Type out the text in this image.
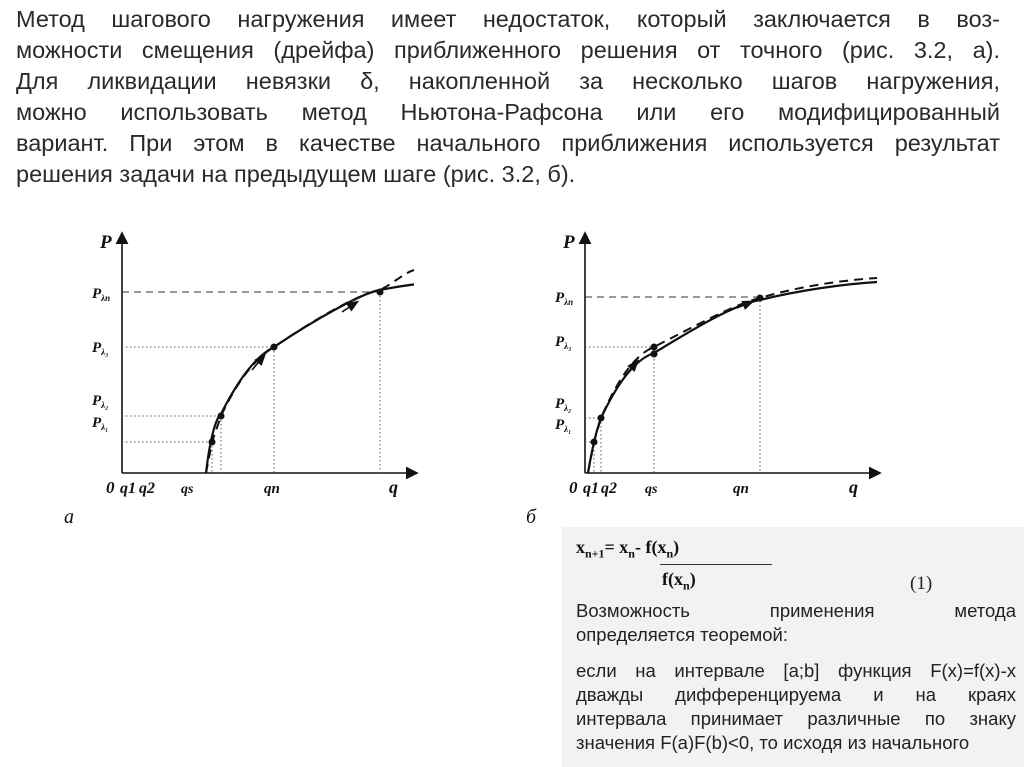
Метод шагового нагружения имеет недостаток, который заключается в воз-
можности смещения (дрейфа) приближенного решения от точного (рис. 3.2, а).
Для ликвидации невязки δ, накопленной за несколько шагов нагружения,
можно использовать метод Ньютона-Рафсона или его модифицированный
вариант. При этом в качестве начального приближения используется результат
решения задачи на предыдущем шаге (рис. 3.2, б).
P
$P_{\lambda n}$
$P_{\lambda_3}$
$P_{\lambda_2}$
$P_{\lambda_1}$
0 q1 q2 qs	qn	q
а
P
$P_{\lambda n}$
$P_{\lambda_3}$
$P_{\lambda_2}$
$P_{\lambda_1}$
0 q1 q2 qs	qn	q
б
$x_{n+1}= x_n-$ $f(x_n)$
$f(x_n)$	(1)
Возможность применения метода
определяется теоремой:
если на интервале [a;b] функция F(x)=f(x)-x
дважды дифференцируема и на краях
интервала принимает различные по знаку
значения F(a)F(b)<0, то исходя из начального
